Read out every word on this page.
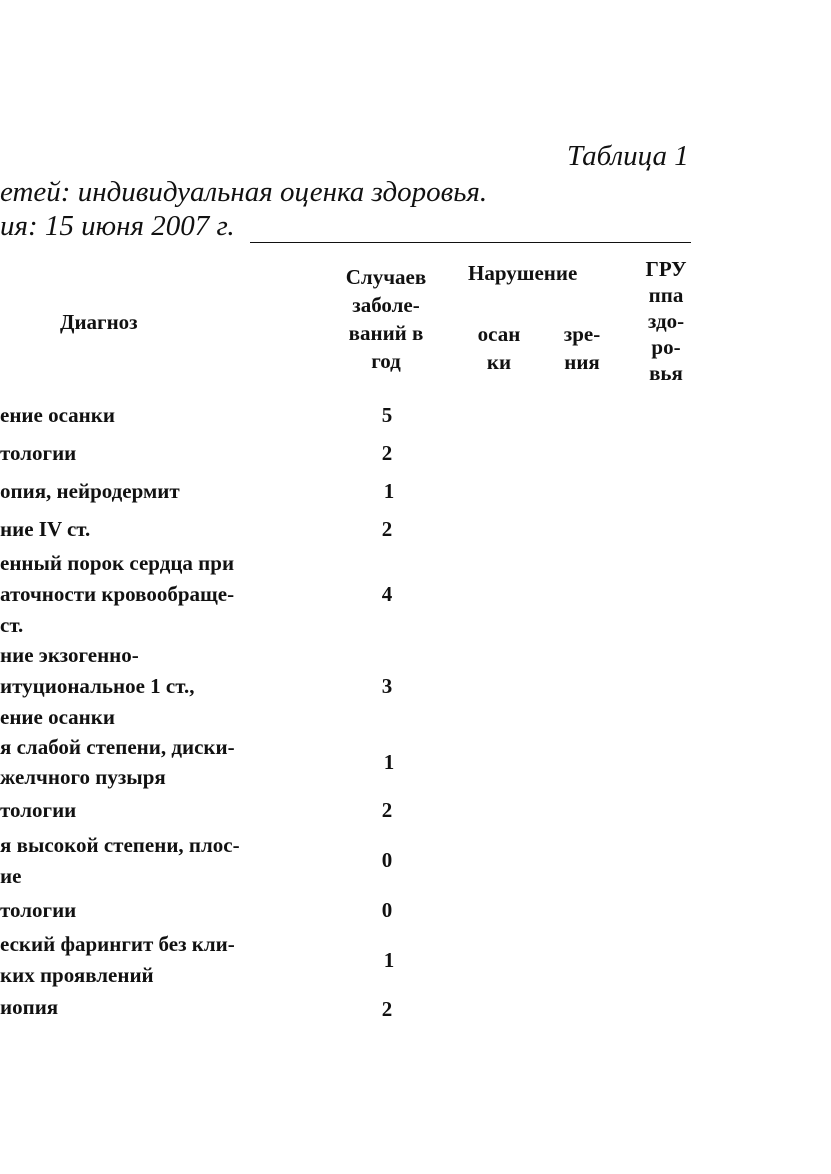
Таблица 1
етей: индивидуальная оценка здоровья.
ия: 15 июня 2007 г.
Диагноз
Случаев
заболе-
ваний в
год
Нарушение
осан
ки
зре-
ния
ГРУ
ппа
здо-
ро-
вья
ение осанки
тологии
опия, нейродермит
ние IV ст.
енный порок сердца при
аточности кровообраще-
ст.
ние экзогенно-
итуциональное 1 ст.,
ение осанки
я слабой степени, диски-
желчного пузыря
тологии
я высокой степени, плос-
ие
тологии
еский фарингит без кли-
ких проявлений
иопия
5
2
1
2
4
3
1
2
0
0
1
2
